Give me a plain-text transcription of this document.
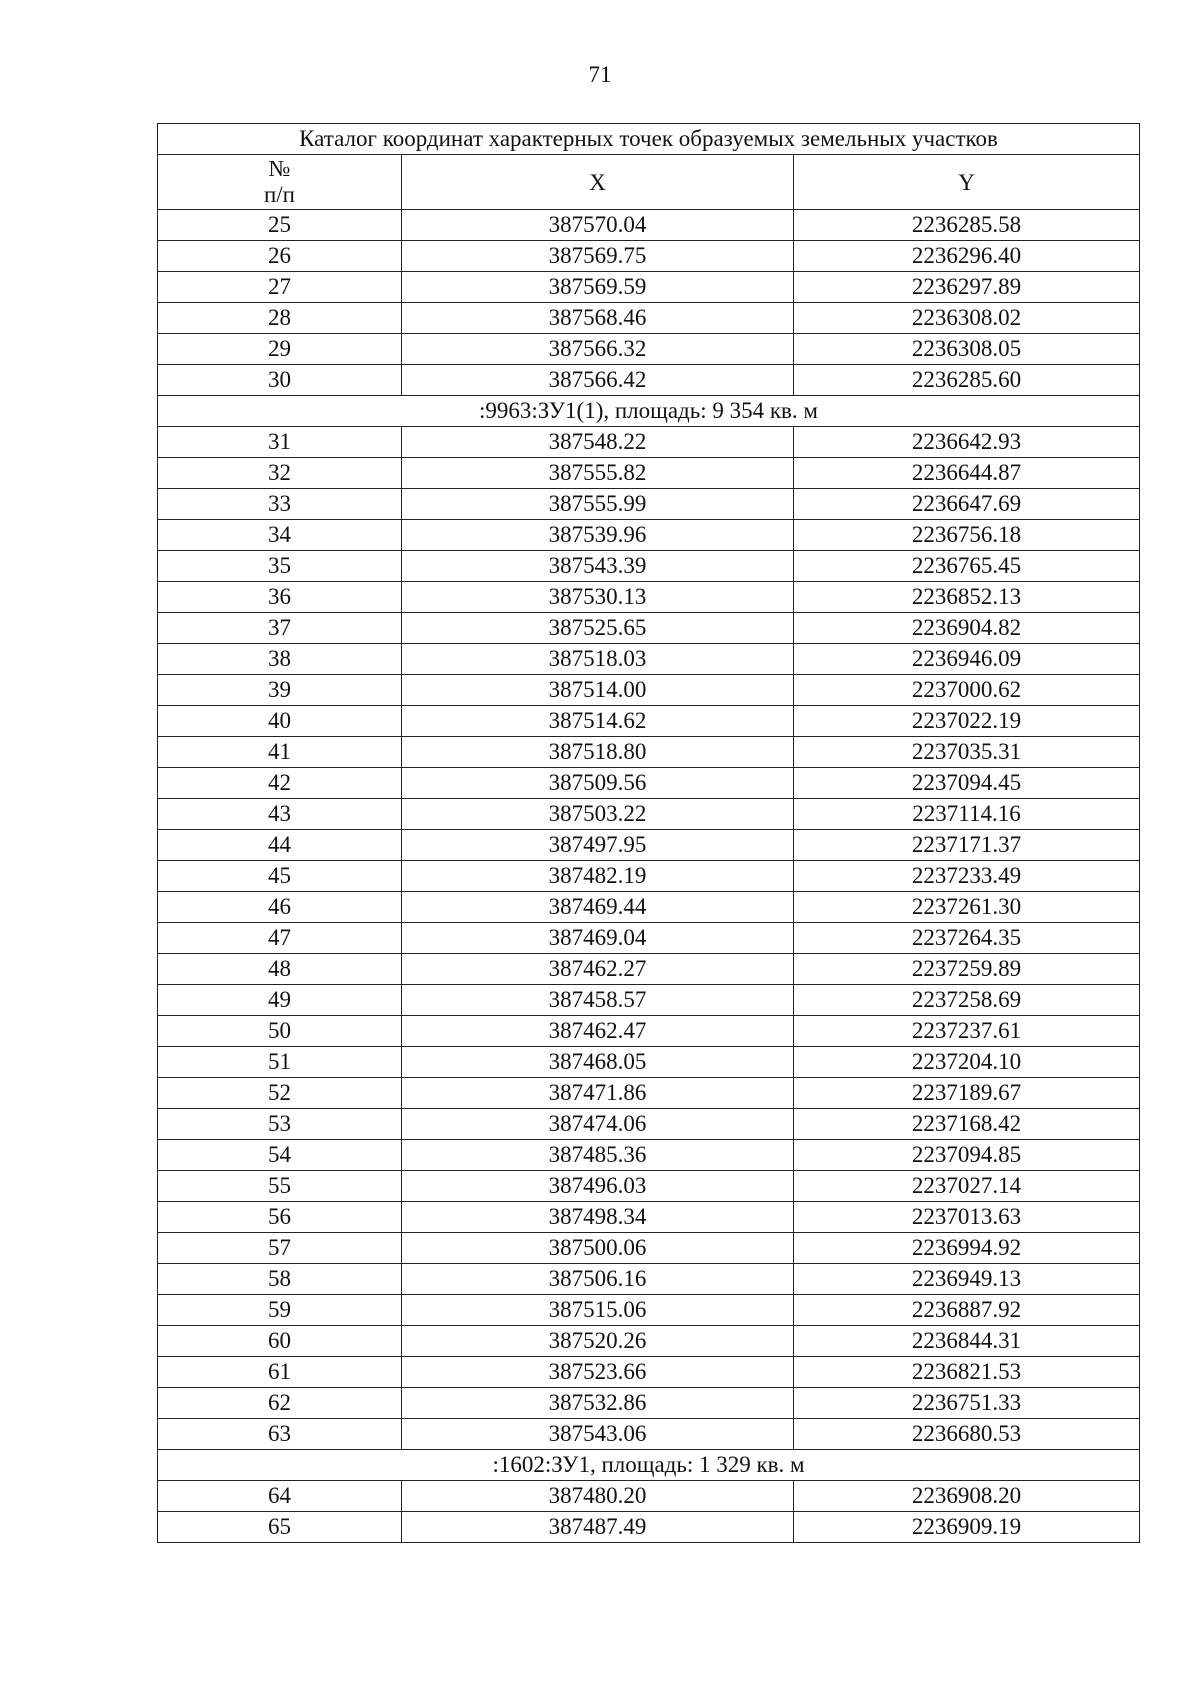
71
Каталог координат характерных точек образуемых земельных участков		

№
п/п	X	Y
25	387570.04	2236285.58
26	387569.75	2236296.40
27	387569.59	2236297.89
28	387568.46	2236308.02
29	387566.32	2236308.05
30	387566.42	2236285.60
:9963:ЗУ1(1), площадь: 9 354 кв. м		
31	387548.22	2236642.93
32	387555.82	2236644.87
33	387555.99	2236647.69
34	387539.96	2236756.18
35	387543.39	2236765.45
36	387530.13	2236852.13
37	387525.65	2236904.82
38	387518.03	2236946.09
39	387514.00	2237000.62
40	387514.62	2237022.19
41	387518.80	2237035.31
42	387509.56	2237094.45
43	387503.22	2237114.16
44	387497.95	2237171.37
45	387482.19	2237233.49
46	387469.44	2237261.30
47	387469.04	2237264.35
48	387462.27	2237259.89
49	387458.57	2237258.69
50	387462.47	2237237.61
51	387468.05	2237204.10
52	387471.86	2237189.67
53	387474.06	2237168.42
54	387485.36	2237094.85
55	387496.03	2237027.14
56	387498.34	2237013.63
57	387500.06	2236994.92
58	387506.16	2236949.13
59	387515.06	2236887.92
60	387520.26	2236844.31
61	387523.66	2236821.53
62	387532.86	2236751.33
63	387543.06	2236680.53
:1602:ЗУ1, площадь: 1 329 кв. м		
64	387480.20	2236908.20
65	387487.49	2236909.19
